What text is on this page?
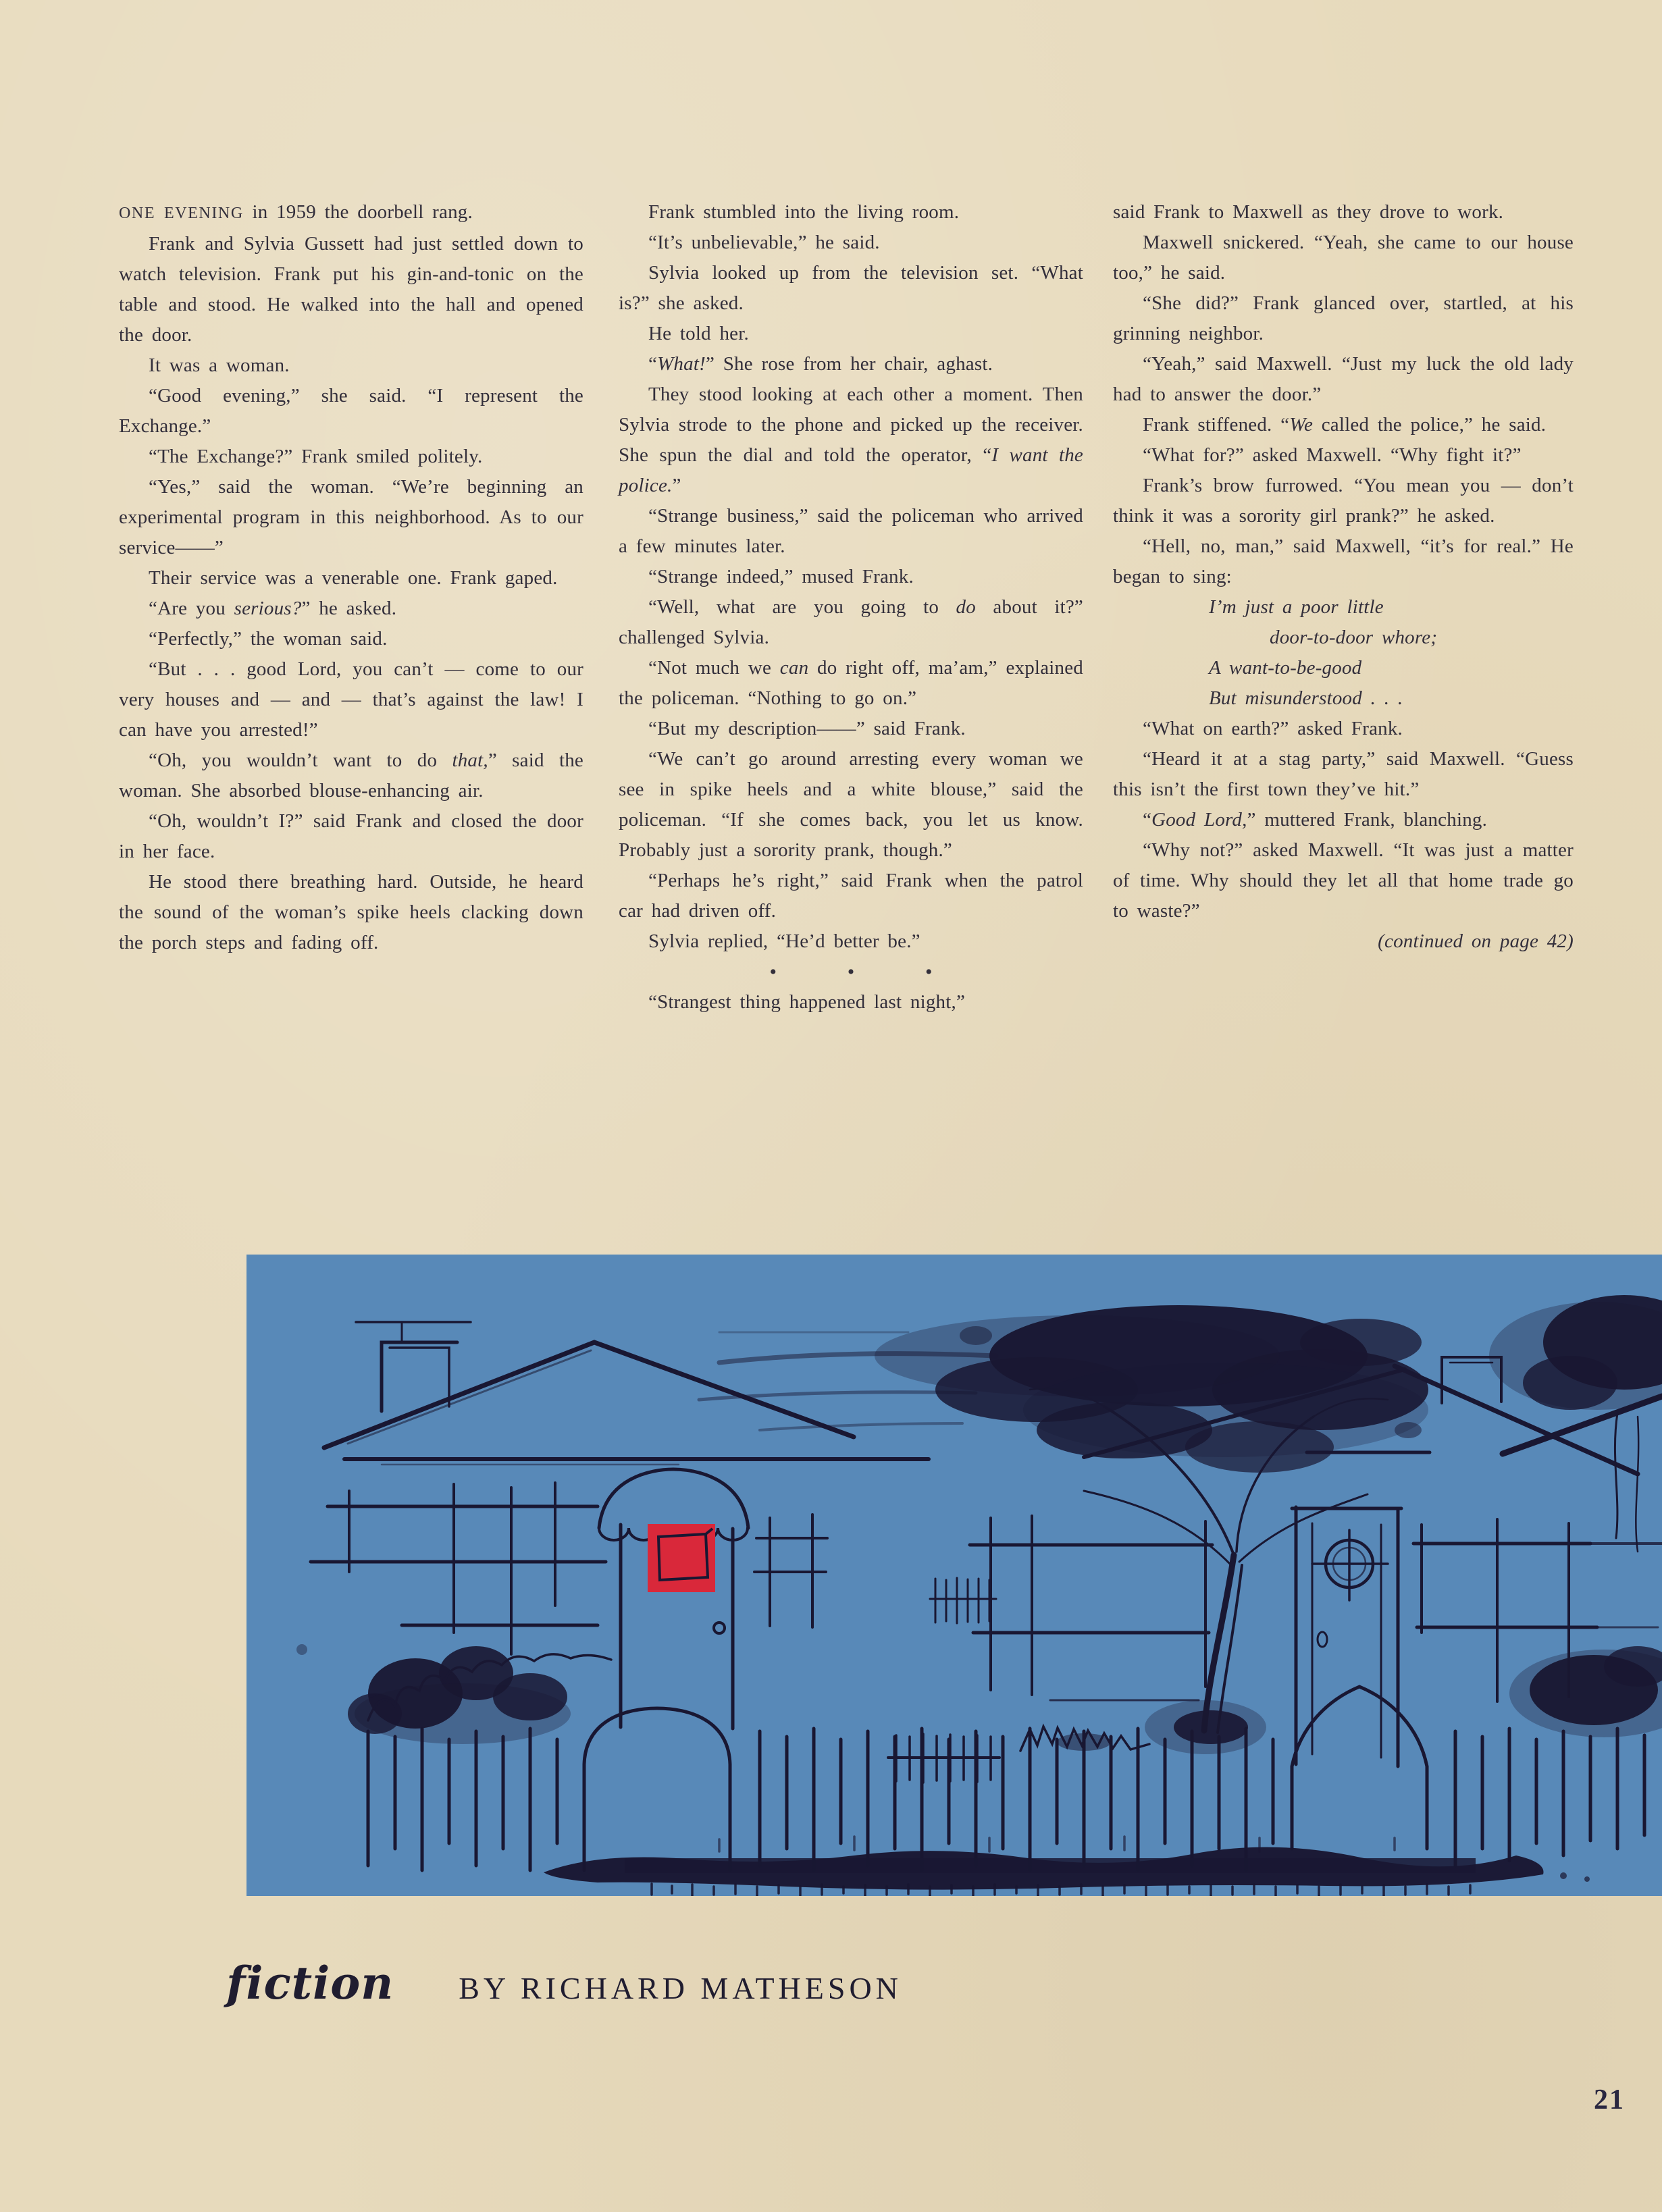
ONE EVENING in 1959 the doorbell rang.

Frank and Sylvia Gussett had just settled down to watch television. Frank put his gin-and-tonic on the table and stood. He walked into the hall and opened the door.

It was a woman.

“Good evening,” she said. “I represent the Exchange.”

“The Exchange?” Frank smiled politely.

“Yes,” said the woman. “We’re beginning an experimental program in this neighborhood. As to our service——”

Their service was a venerable one. Frank gaped.

“Are you serious?” he asked.

“Perfectly,” the woman said.

“But . . . good Lord, you can’t — come to our very houses and — and — that’s against the law! I can have you arrested!”

“Oh, you wouldn’t want to do that,” said the woman. She absorbed blouse-enhancing air.

“Oh, wouldn’t I?” said Frank and closed the door in her face.

He stood there breathing hard. Outside, he heard the sound of the woman’s spike heels clacking down the porch steps and fading off.

Frank stumbled into the living room.

“It’s unbelievable,” he said.

Sylvia looked up from the television set. “What is?” she asked.

He told her.

“What!” She rose from her chair, aghast.

They stood looking at each other a moment. Then Sylvia strode to the phone and picked up the receiver. She spun the dial and told the operator, “I want the police.”

“Strange business,” said the policeman who arrived a few minutes later.

“Strange indeed,” mused Frank.

“Well, what are you going to do about it?” challenged Sylvia.

“Not much we can do right off, ma’am,” explained the policeman. “Nothing to go on.”

“But my description——” said Frank.

“We can’t go around arresting every woman we see in spike heels and a white blouse,” said the policeman. “If she comes back, you let us know. Probably just a sorority prank, though.”

“Perhaps he’s right,” said Frank when the patrol car had driven off.

Sylvia replied, “He’d better be.”

• • •

“Strangest thing happened last night,”

said Frank to Maxwell as they drove to work.

Maxwell snickered. “Yeah, she came to our house too,” he said.

“She did?” Frank glanced over, startled, at his grinning neighbor.

“Yeah,” said Maxwell. “Just my luck the old lady had to answer the door.”

Frank stiffened. “We called the police,” he said.

“What for?” asked Maxwell. “Why fight it?”

Frank’s brow furrowed. “You mean you — don’t think it was a sorority girl prank?” he asked.

“Hell, no, man,” said Maxwell, “it’s for real.” He began to sing:

I’m just a poor little
door-to-door whore;
A want-to-be-good
But misunderstood . . .

“What on earth?” asked Frank.

“Heard it at a stag party,” said Maxwell. “Guess this isn’t the first town they’ve hit.”

“Good Lord,” muttered Frank, blanching.

“Why not?” asked Maxwell. “It was just a matter of time. Why should they let all that home trade go to waste?”

(continued on page 42)

fiction BY RICHARD MATHESON
21
